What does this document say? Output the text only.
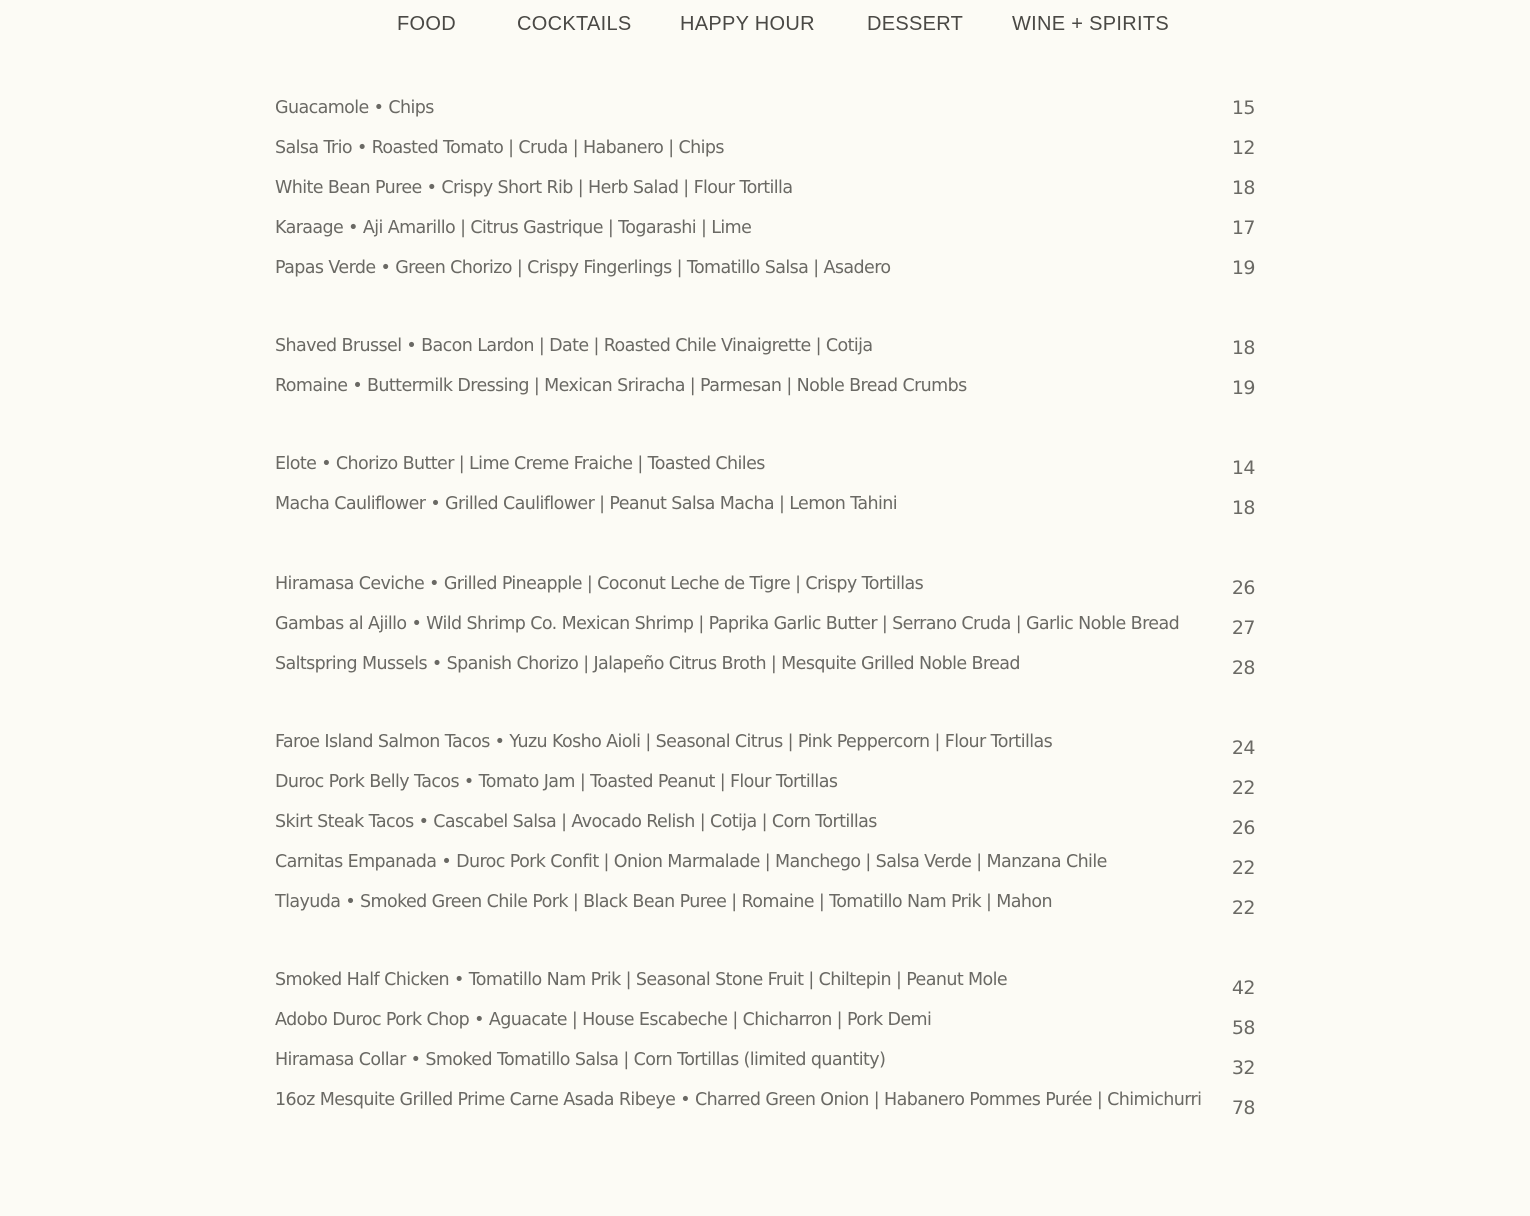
FOOD	COCKTAILS HAPPY HOUR	DESSERT WINE + SPIRITS
Guacamole • Chips	15
Salsa Trio • Roasted Tomato | Cruda | Habanero | Chips	12
White Bean Puree • Crispy Short Rib | Herb Salad | Flour Tortilla	18
Karaage • Aji Amarillo | Citrus Gastrique | Togarashi | Lime	17
Papas Verde • Green Chorizo | Crispy Fingerlings | Tomatillo Salsa | Asadero	19
Shaved Brussel • Bacon Lardon | Date | Roasted Chile Vinaigrette | Cotija	18
Romaine • Buttermilk Dressing | Mexican Sriracha | Parmesan | Noble Bread Crumbs	19
Elote • Chorizo Butter | Lime Creme Fraiche | Toasted Chiles	14
Macha Cauliflower • Grilled Cauliflower | Peanut Salsa Macha | Lemon Tahini	18
Hiramasa Ceviche • Grilled Pineapple | Coconut Leche de Tigre | Crispy Tortillas	26
Gambas al Ajillo • Wild Shrimp Co. Mexican Shrimp | Paprika Garlic Butter | Serrano Cruda | Garlic Noble Bread	27
Saltspring Mussels • Spanish Chorizo | Jalapeño Citrus Broth | Mesquite Grilled Noble Bread	28
Faroe Island Salmon Tacos • Yuzu Kosho Aioli | Seasonal Citrus | Pink Peppercorn | Flour Tortillas	24
Duroc Pork Belly Tacos • Tomato Jam | Toasted Peanut | Flour Tortillas	22
Skirt Steak Tacos • Cascabel Salsa | Avocado Relish | Cotija | Corn Tortillas	26
Carnitas Empanada • Duroc Pork Confit | Onion Marmalade | Manchego | Salsa Verde | Manzana Chile	22
Tlayuda • Smoked Green Chile Pork | Black Bean Puree | Romaine | Tomatillo Nam Prik | Mahon	22
Smoked Half Chicken • Tomatillo Nam Prik | Seasonal Stone Fruit | Chiltepin | Peanut Mole	42
Adobo Duroc Pork Chop • Aguacate | House Escabeche | Chicharron | Pork Demi	58
Hiramasa Collar • Smoked Tomatillo Salsa | Corn Tortillas (limited quantity)	32
16oz Mesquite Grilled Prime Carne Asada Ribeye • Charred Green Onion | Habanero Pommes Purée | Chimichurri 78
